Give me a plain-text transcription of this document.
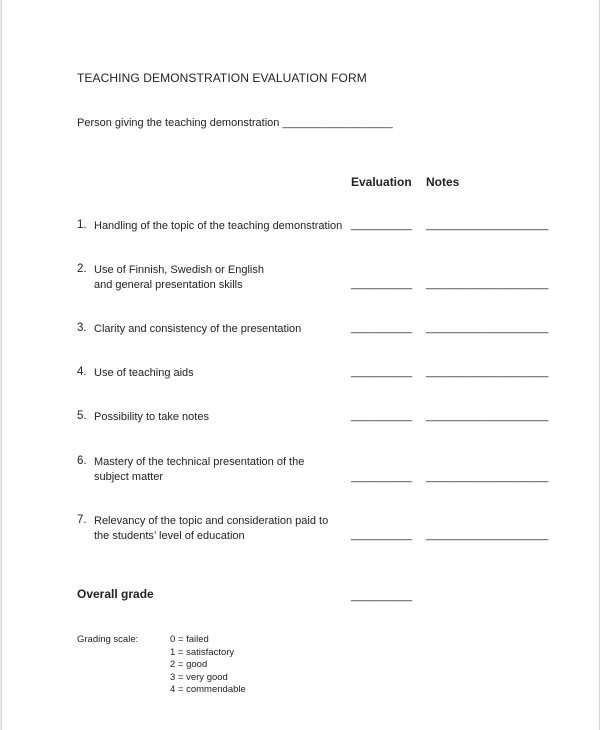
TEACHING DEMONSTRATION EVALUATION FORM
Person giving the teaching demonstration __________________
Evaluation Notes
1. Handling of the topic of the teaching demonstration __________ ____________________
2. Use of Finnish, Swedish or English
and general presentation skills	__________ ____________________
3. Clarity and consistency of the presentation	__________ ____________________
4. Use of teaching aids	__________ ____________________
5. Possibility to take notes	__________ ____________________
6. Mastery of the technical presentation of the
subject matter	__________ ____________________
7. Relevancy of the topic and consideration paid to
the students’ level of education	__________ ____________________
Overall grade	__________
Grading scale:	0 = failed
1 = satisfactory
2 = good
3 = very good
4 = commendable
